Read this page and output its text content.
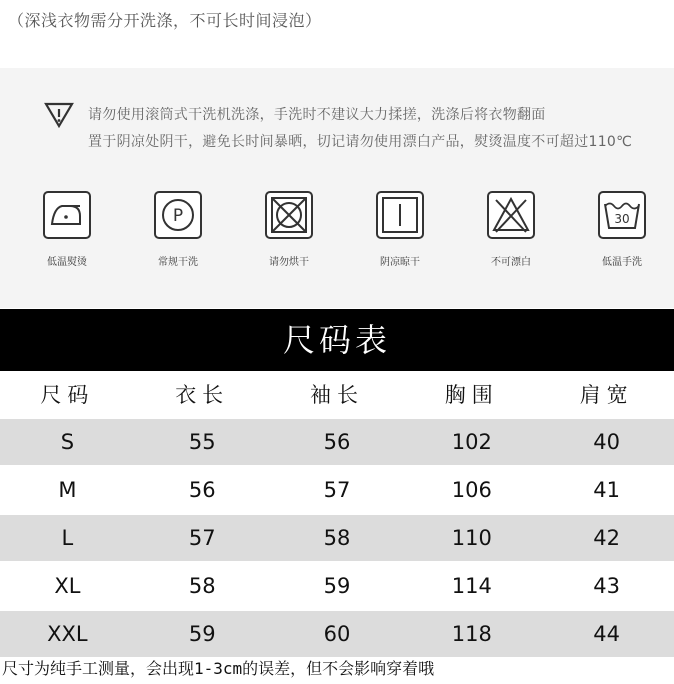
（深浅衣物需分开洗涤，不可长时间浸泡）
请勿使用滚筒式干洗机洗涤，手洗时不建议大力揉搓，洗涤后将衣物翻面
置于阴凉处阴干，避免长时间暴晒，切记请勿使用漂白产品，熨烫温度不可超过110℃
低温熨烫
P
常规干洗	请勿烘干	阴凉晾干	不可漂白
30
低温手洗
尺码表
尺码	衣长	袖长	胸围	肩宽
S	55	56	102	40
M	56	57	106	41
L	57	58	110	42
XL	58	59	114	43
XXL	59	60	118	44
尺寸为纯手工测量，会出现1-3cm的误差，但不会影响穿着哦
